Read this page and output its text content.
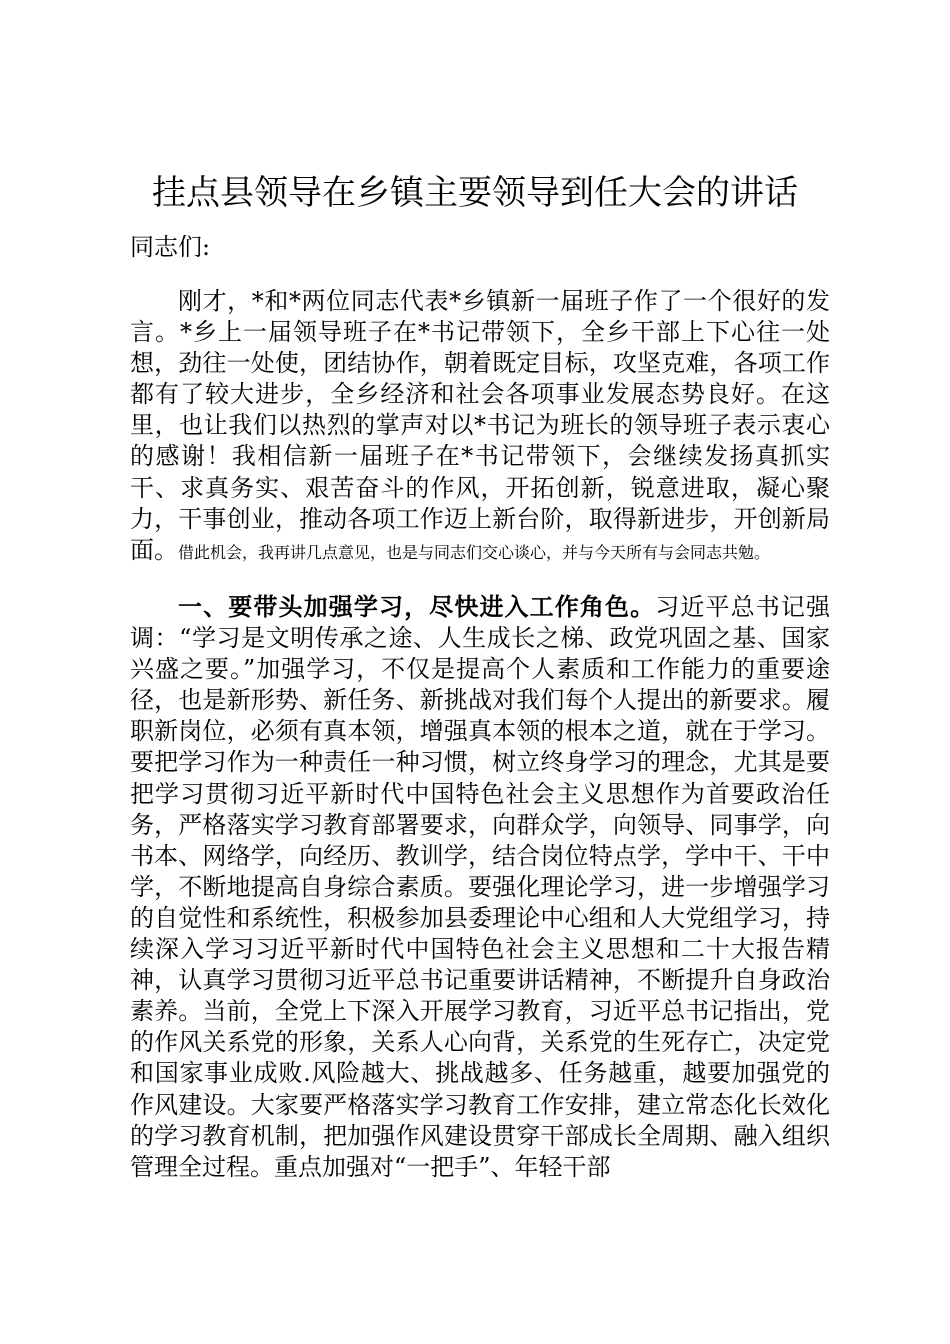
挂点县领导在乡镇主要领导到任大会的讲话

同志们:

刚才，*和*两位同志代表*乡镇新一届班子作了一个很好的发言。*乡上一届领导班子在*书记带领下，全乡干部上下心往一处想，劲往一处使，团结协作，朝着既定目标，攻坚克难，各项工作都有了较大进步，全乡经济和社会各项事业发展态势良好。在这里，也让我们以热烈的掌声对以*书记为班长的领导班子表示衷心的感谢！我相信新一届班子在*书记带领下，会继续发扬真抓实干、求真务实、艰苦奋斗的作风，开拓创新，锐意进取，凝心聚力，干事创业，推动各项工作迈上新台阶，取得新进步，开创新局面。借此机会，我再讲几点意见，也是与同志们交心谈心，并与今天所有与会同志共勉。

一、要带头加强学习，尽快进入工作角色。习近平总书记强调：“学习是文明传承之途、人生成长之梯、政党巩固之基、国家兴盛之要。”加强学习，不仅是提高个人素质和工作能力的重要途径，也是新形势、新任务、新挑战对我们每个人提出的新要求。履职新岗位，必须有真本领，增强真本领的根本之道，就在于学习。要把学习作为一种责任一种习惯，树立终身学习的理念，尤其是要把学习贯彻习近平新时代中国特色社会主义思想作为首要政治任务，严格落实学习教育部署要求，向群众学，向领导、同事学，向书本、网络学，向经历、教训学，结合岗位特点学，学中干、干中学，不断地提高自身综合素质。要强化理论学习，进一步增强学习的自觉性和系统性，积极参加县委理论中心组和人大党组学习，持续深入学习习近平新时代中国特色社会主义思想和二十大报告精神，认真学习贯彻习近平总书记重要讲话精神，不断提升自身政治素养。当前，全党上下深入开展学习教育，习近平总书记指出，党的作风关系党的形象，关系人心向背，关系党的生死存亡，决定党和国家事业成败.风险越大、挑战越多、任务越重，越要加强党的作风建设。大家要严格落实学习教育工作安排，建立常态化长效化的学习教育机制，把加强作风建设贯穿干部成长全周期、融入组织管理全过程。重点加强对“一把手”、年轻干部
